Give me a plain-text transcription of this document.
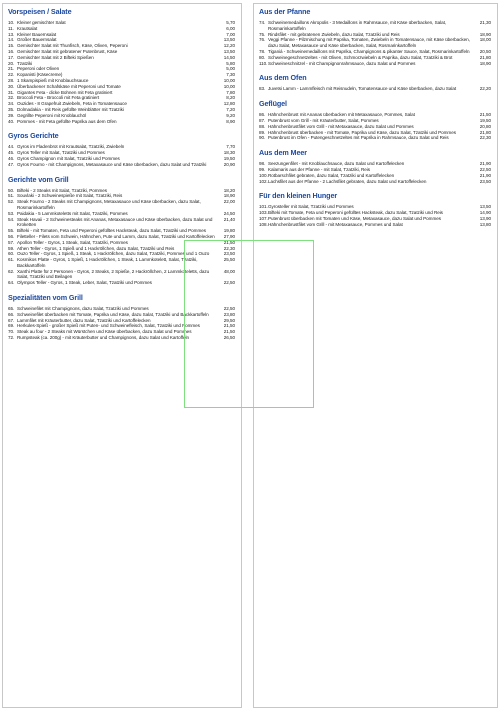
Vorspeisen / Salate
10. Kleiner gemischter Salat	5,70
11. Krautsalat	6,00
13. Kleiner Bauernsalat	7,00
14. Großer Bauernsalat	13,50
15. Gemischter Salat mit Thunfisch, Käse, Oliven, Peperoni	12,20
16. Gemischter Salat mit gebratener Putenbrust, Käse	13,50
17. Gemischter Salat mit 2 Bifteki Spießen	14,50
20. Tzatziki	5,80
21. Peperoni oder Oliven	5,00
22. Kopanisti (Käsecreme)	7,30
28. 1 Skampispieß mit Knoblauchsauce	10,00
30. Überbackener Schafskäse mit Peperoni und Tomate	10,00
31. Gigantes Feta - dicke Bohnen mit Feta gratiniert	7,80
32. Broccoli Feta - Broccoli mit Feta gratiniert	8,20
34. Ouzides - 8 Grapefruit Zwiebeln, Feta in Tomatensauce	12,80
35. Dolmadakia - mit Reis gefüllte Weinblätter mit Tzatziki	7,20
39. Gegrillte Peperoni mit Knoblauchöl	9,20
40. Pommes - mit Feta gefüllte Paprika aus dem Ofen	8,90
Gyros Gerichte
44. Gyros im Fladenbrot mit Krautsalat, Tzatziki, Zwiebeln	7,70
45. Gyros Teller mit Salat, Tzatziki und Pommes	18,30
46. Gyros Champignon mit Salat, Tzatziki und Pommes	19,50
47. Gyros Fourno - mit Champignons, Metaxasauce und Käse überbacken, dazu Salat und Tzatziki	20,90
Gerichte vom Grill
50. Bifteki - 2 Steaks mit Salat, Tzatziki, Pommes	18,20
51. Souvlaki - 2 Schweinespieße mit Salat, Tzatziki, Reis	18,90
52. Steak Fourno - 2 Steaks mit Champignons, Metaxasauce und Käse überbacken, dazu Salat, Rosmarinkartoffeln
22,00
53. Paidakia - 5 Lammkoteletts mit Salat, Tzatziki, Pommes	24,50
54. Steak Havaii - 2 Schweinesteaks mit Ananas, Metaxasauce und Käse überbacken, dazu Salat und Kroketten
21,40
55. Bifteki - mit Tomaten, Feta und Peperoni gefülltes Hacksteak, dazu Salat, Tzatziki und Pommes	19,80
56. Filetteller - Filets vom Schwein, Hähnchen, Pute und Lamm, dazu Salat, Tzatziki und Kartoffelecken	27,90
57. Apollon Teller - Gyros, 1 Steak, Salat, Tzatziki, Pommes	21,50
59. Athen Teller - Gyros, 1 Spieß und 1 Hackröllchen, dazu Salat, Tzatziki und Reis	22,30
60. Ouzo Teller - Gyros, 1 Spieß, 1 Steak, 1 Hackröllchen, dazu Salat, Tzatziki, Pommes und 1 Ouzo	23,50
61. Kosmikos Platte - Gyros, 1 Spieß, 1 Hackröllchen, 1 Steak, 1 Lammkotelett, Salat, Tzatziki, Backkartoffeln
25,50
62. Xanthi Platte für 2 Personen - Gyros, 2 Steaks, 2 Spieße, 2 Hackröllchen, 2 Lammkoteletts, dazu Salat, Tzatziki und Beilagen
48,00
64. Olympos Teller - Gyros, 1 Steak, Leber, Salat, Tzatziki und Pommes	22,50
Spezialitäten vom Grill
65. Schweinefilet mit Champignons, dazu Salat, Tzatziki und Pommes	22,50
66. Schweinefilet überbacken mit Tomate, Paprika und Käse, dazu Salat, Tzatziki und Backkartoffeln	23,80
67. Lammfilet mit Kräuterbutter, dazu Salat, Tzatziki und Kartoffelecken	29,50
69. Herkules-Spieß - großer Spieß mit Puten- und Schweinefleisch, Salat, Tzatziki und Pommes	21,50
70. Steak au four - 2 Steaks mit Würstchen und Käse überbacken, dazu Salat und Pommes	21,50
72. Rumpsteak (ca. 200g) - mit Kräuterbutter und Champignons, dazu Salat und Kartoffeln	26,50
Aus der Pfanne
74. Schweinemedaillons Akropolis - 3 Medaillons in Rahmsauce, mit Käse überbacken, Salat, Rosmarinkartoffeln
21,30
75. Rindsfilet - mit gebratenen Zwiebeln, dazu Salat, Tzatziki und Reis	18,90
76. Veggi Pfanne - Pilzmischung mit Paprika, Tomaten, Zwiebeln in Tomatensauce, mit Käse überbacken, dazu Salat, Metaxasauce und Käse überbacken, Salat, Rosmarinkartoffeln
18,00
78. Tiganiá - Schweinemedaillons mit Paprika, Champignons & pikanter Sauce, Salat, Rosmarinkartoffeln	20,50
80. Schweinegeschnetzeltes - mit Oliven, Schmorzwiebeln & Paprika, dazu Salat, Tzatziki & Brot	21,80
110. Schweineschnitzel - mit Champignonrahmsauce, dazu Salat und Pommes	18,90
Aus dem Ofen
83. Juvetsi Lamm - Lammfleisch mit Reisnudeln, Tomatensauce und Käse überbacken, dazu Salat	22,20
Geflügel
86. Hähnchenbrust mit Ananas überbacken mit Metaxasauce, Pommes, Salat	21,50
87. Putenbrust vom Grill - mit Kräuterbutter, Salat, Pommes	19,50
88. Hähnchenbrustfilet vom Grill - mit Metaxasauce, dazu Salat und Pommes	20,80
89. Hähnchenbrust überbacken - mit Tomate, Paprika und Käse, dazu Salat, Tzatziki und Pommes	21,80
90. Putenbrust im Ofen - Putengeschnetzeltes mit Paprika in Rahmsauce, dazu Salat und Reis	22,30
Aus dem Meer
98. Seezungenfilet - mit Knoblauchsauce, dazu Salat und Kartoffelecken	21,90
99. Kalamaris aus der Pfanne - mit Salat, Tzatziki, Reis	22,50
100. Rotbarschfilet gebraten, dazu Salat, Tzatziki und Kartoffelecken	21,90
102. Lachsfilet aus der Pfanne - 2 Lachsfilet gebraten, dazu Salat und Kartoffelecken	23,50
Für den kleinen Hunger
101. Gyrosteller mit Salat, Tzatziki und Pommes	13,50
103. Bifteki mit Tomate, Feta und Peperoni gefülltes Hacksteak, dazu Salat, Tzatziki und Reis	14,90
107. Putenbrust überbacken mit Tomaten und Käse, Metaxasauce, dazu Salat und Pommes	13,90
108. Hähnchenbrustfilet vom Grill - mit Metaxasauce, Pommes und Salat	13,80
